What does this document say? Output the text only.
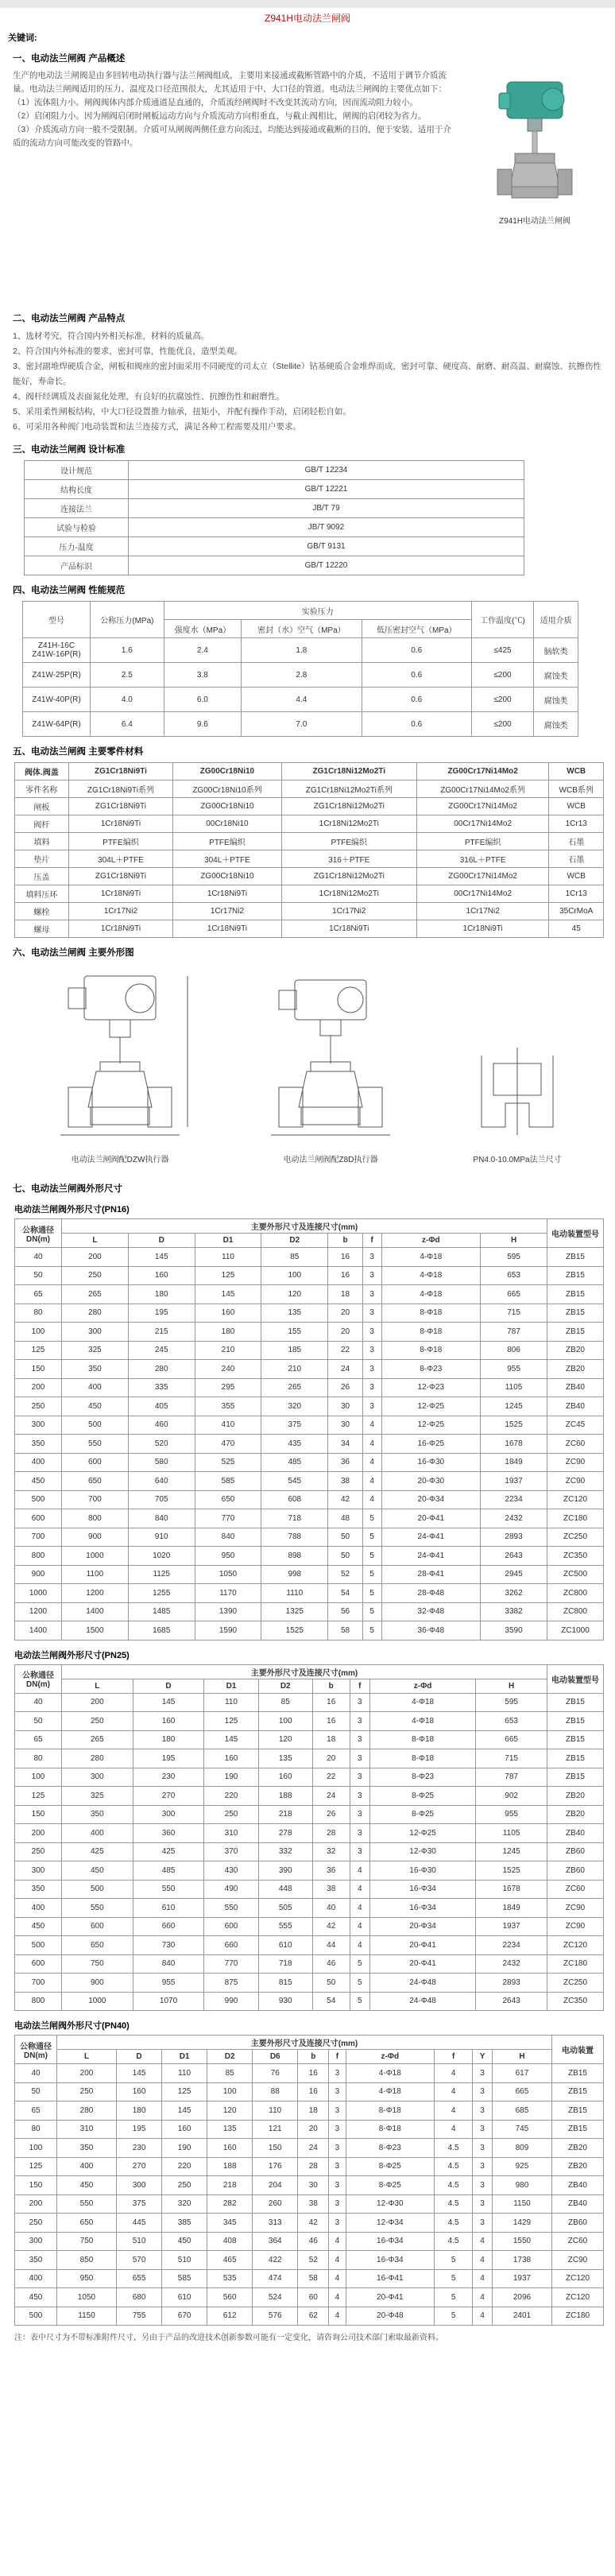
Z941H电动法兰闸阀
关键词:
一、电动法兰闸阀 产品概述

生产的电动法兰闸阀是由多回转电动执行器与法兰闸阀组成，主要用来接通或截断管路中的介质，不适用于调节介质流量。电动法兰闸阀适用的压力、温度及口径范围很大，尤其适用于中、大口径的管道。电动法兰闸阀的主要优点如下：

（1）流体阻力小。闸阀阀体内部介质通道是直通的，介质流经闸阀时不改变其流动方向，因而流动阻力较小。

（2）启闭阻力小。因为闸阀启闭时闸板运动方向与介质流动方向相垂直，与截止阀相比，闸阀的启闭较为省力。

（3）介质流动方向一般不受限制。介质可从闸阀两侧任意方向流过，均能达到接通或截断的目的，便于安装，适用于介质的流动方向可能改变的管路中。

Z941H电动法兰闸阀
二、电动法兰闸阀 产品特点
1、选材考究，符合国内外相关标准，材料的质量高。
2、符合国内外标准的要求，密封可靠，性能优良，造型美观。
3、密封副堆焊硬质合金，闸板和阀座的密封面采用不同硬度的司太立（Stellite）钴基硬质合金堆焊而成，密封可靠、硬度高、耐磨、耐高温、耐腐蚀、抗擦伤性能好，寿命长。
4、阀杆经调质及表面氮化处理，有良好的抗腐蚀性、抗擦伤性和耐磨性。
5、采用柔性闸板结构，中大口径设置推力轴承，扭矩小，并配有操作手动，启闭轻松自如。
6、可采用各种阀门电动装置和法兰连接方式，满足各种工程需要及用户要求。
三、电动法兰闸阀 设计标准
设计规范	GB/T 12234
结构长度	GB/T 12221
连接法兰	JB/T 79
试验与检验	JB/T 9092
压力-温度	GB/T 9131
产品标识	GB/T 12220
四、电动法兰闸阀 性能规范
型号	公称压力(MPa)	实验压力			工作温度(℃)	适用介质
		强度水（MPa）	密封（水）空气（MPa）	低压密封空气（MPa）		
Z41H-16C
Z41W-16P(R)	1.6	2.4	1.8	0.6	≤425	脑软类
Z41W-25P(R)	2.5	3.8	2.8	0.6	≤200	腐蚀类
Z41W-40P(R)	4.0	6.0	4.4	0.6	≤200	腐蚀类
Z41W-64P(R)	6.4	9.6	7.0	0.6	≤200	腐蚀类
五、电动法兰闸阀 主要零件材料
阀体.阀盖	ZG1Cr18Ni9Ti	ZG00Cr18Ni10	ZG1Cr18Ni12Mo2Ti	ZG00Cr17Ni14Mo2	WCB
零件名称	ZG1Cr18Ni9Ti系列	ZG00Cr18Ni10系列	ZG1Cr18Ni12Mo2Ti系列	ZG00Cr17Ni14Mo2系列	WCB系列
闸板	ZG1Cr18Ni9Ti	ZG00Cr18Ni10	ZG1Cr18Ni12Mo2Ti	ZG00Cr17Ni14Mo2	WCB
阀杆	1Cr18Ni9Ti	00Cr18Ni10	1Cr18Ni12Mo2Ti	00Cr17Ni14Mo2	1Cr13
填料	PTFE编织	PTFE编织	PTFE编织	PTFE编织	石墨
垫片	304L＋PTFE	304L＋PTFE	316＋PTFE	316L＋PTFE	石墨
压盖	ZG1Cr18Ni9Ti	ZG00Cr18Ni10	ZG1Cr18Ni12Mo2Ti	ZG00Cr17Ni14Mo2	WCB
填料压环	1Cr18Ni9Ti	1Cr18Ni9Ti	1Cr18Ni12Mo2Ti	00Cr17Ni14Mo2	1Cr13
螺栓	1Cr17Ni2	1Cr17Ni2	1Cr17Ni2	1Cr17Ni2	35CrMoA
螺母	1Cr18Ni9Ti	1Cr18Ni9Ti	1Cr18Ni9Ti	1Cr18Ni9Ti	45
六、电动法兰闸阀 主要外形图
电动法兰闸阀配DZW执行器	电动法兰闸阀配Z8D执行器	PN4.0-10.0MPa法兰尺寸
七、电动法兰闸阀外形尺寸
电动法兰闸阀外形尺寸(PN16)
公称通径
DN(m)	主要外形尺寸及连接尺寸(mm)								电动装置型号
	L	D	D1	D2	b	f	z-Φd	H	
40	200	145	110	85	16	3	4-Φ18	595	ZB15
50	250	160	125	100	16	3	4-Φ18	653	ZB15
65	265	180	145	120	18	3	4-Φ18	665	ZB15
80	280	195	160	135	20	3	8-Φ18	715	ZB15
100	300	215	180	155	20	3	8-Φ18	787	ZB15
125	325	245	210	185	22	3	8-Φ18	806	ZB20
150	350	280	240	210	24	3	8-Φ23	955	ZB20
200	400	335	295	265	26	3	12-Φ23	1105	ZB40
250	450	405	355	320	30	3	12-Φ25	1245	ZB40
300	500	460	410	375	30	4	12-Φ25	1525	ZC45
350	550	520	470	435	34	4	16-Φ25	1678	ZC60
400	600	580	525	485	36	4	16-Φ30	1849	ZC90
450	650	640	585	545	38	4	20-Φ30	1937	ZC90
500	700	705	650	608	42	4	20-Φ34	2234	ZC120
600	800	840	770	718	48	5	20-Φ41	2432	ZC180
700	900	910	840	788	50	5	24-Φ41	2893	ZC250
800	1000	1020	950	898	50	5	24-Φ41	2643	ZC350
900	1100	1125	1050	998	52	5	28-Φ41	2945	ZC500
1000	1200	1255	1170	1110	54	5	28-Φ48	3262	ZC800
1200	1400	1485	1390	1325	56	5	32-Φ48	3382	ZC800
1400	1500	1685	1590	1525	58	5	36-Φ48	3590	ZC1000
电动法兰闸阀外形尺寸(PN25)
公称通径
DN(m)	主要外形尺寸及连接尺寸(mm)								电动装置型号
	L	D	D1	D2	b	f	z-Φd	H	
40	200	145	110	85	16	3	4-Φ18	595	ZB15
50	250	160	125	100	16	3	4-Φ18	653	ZB15
65	265	180	145	120	18	3	8-Φ18	665	ZB15
80	280	195	160	135	20	3	8-Φ18	715	ZB15
100	300	230	190	160	22	3	8-Φ23	787	ZB15
125	325	270	220	188	24	3	8-Φ25	902	ZB20
150	350	300	250	218	26	3	8-Φ25	955	ZB20
200	400	360	310	278	28	3	12-Φ25	1105	ZB40
250	425	425	370	332	32	3	12-Φ30	1245	ZB60
300	450	485	430	390	36	4	16-Φ30	1525	ZB60
350	500	550	490	448	38	4	16-Φ34	1678	ZC60
400	550	610	550	505	40	4	16-Φ34	1849	ZC90
450	600	660	600	555	42	4	20-Φ34	1937	ZC90
500	650	730	660	610	44	4	20-Φ41	2234	ZC120
600	750	840	770	718	46	5	20-Φ41	2432	ZC180
700	900	955	875	815	50	5	24-Φ48	2893	ZC250
800	1000	1070	990	930	54	5	24-Φ48	2643	ZC350
电动法兰闸阀外形尺寸(PN40)
公称通径
DN(m)	主要外形尺寸及连接尺寸(mm)											电动装置
	L	D	D1	D2	D6	b	f	z-Φd	f	Y	H	
40	200	145	110	85	76	16	3	4-Φ18	4	3	617	ZB15
50	250	160	125	100	88	16	3	4-Φ18	4	3	665	ZB15
65	280	180	145	120	110	18	3	8-Φ18	4	3	685	ZB15
80	310	195	160	135	121	20	3	8-Φ18	4	3	745	ZB15
100	350	230	190	160	150	24	3	8-Φ23	4.5	3	809	ZB20
125	400	270	220	188	176	28	3	8-Φ25	4.5	3	925	ZB20
150	450	300	250	218	204	30	3	8-Φ25	4.5	3	980	ZB40
200	550	375	320	282	260	38	3	12-Φ30	4.5	3	1150	ZB40
250	650	445	385	345	313	42	3	12-Φ34	4.5	3	1429	ZB60
300	750	510	450	408	364	46	4	16-Φ34	4.5	4	1550	ZC60
350	850	570	510	465	422	52	4	16-Φ34	5	4	1738	ZC90
400	950	655	585	535	474	58	4	16-Φ41	5	4	1937	ZC120
450	1050	680	610	560	524	60	4	20-Φ41	5	4	2096	ZC120
500	1150	755	670	612	576	62	4	20-Φ48	5	4	2401	ZC180
注：表中尺寸为不带标准附件尺寸，另由于产品的改进技术创新参数可能有一定变化，请咨询公司技术部门索取最新资料。
